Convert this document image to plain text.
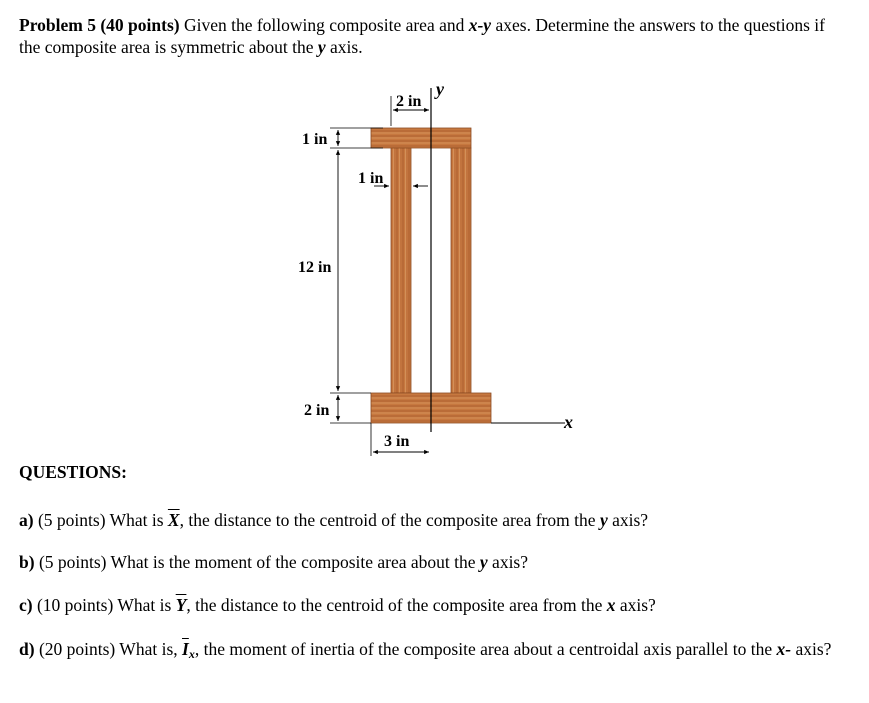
Problem 5 (40 points) Given the following composite area and x-y axes. Determine the answers to the questions if the composite area is symmetric about the y axis.
y
x
2 in
1 in
1 in
12 in
2 in
3 in
QUESTIONS:
a) (5 points) What is $\overline{X}$, the distance to the centroid of the composite area from the y axis?
b) (5 points) What is the moment of the composite area about the y axis?
c) (10 points) What is $\overline{Y}$, the distance to the centroid of the composite area from the x axis?
d) (20 points) What is, $\overline{I}_x$, the moment of inertia of the composite area about a centroidal axis parallel to the x- axis?
